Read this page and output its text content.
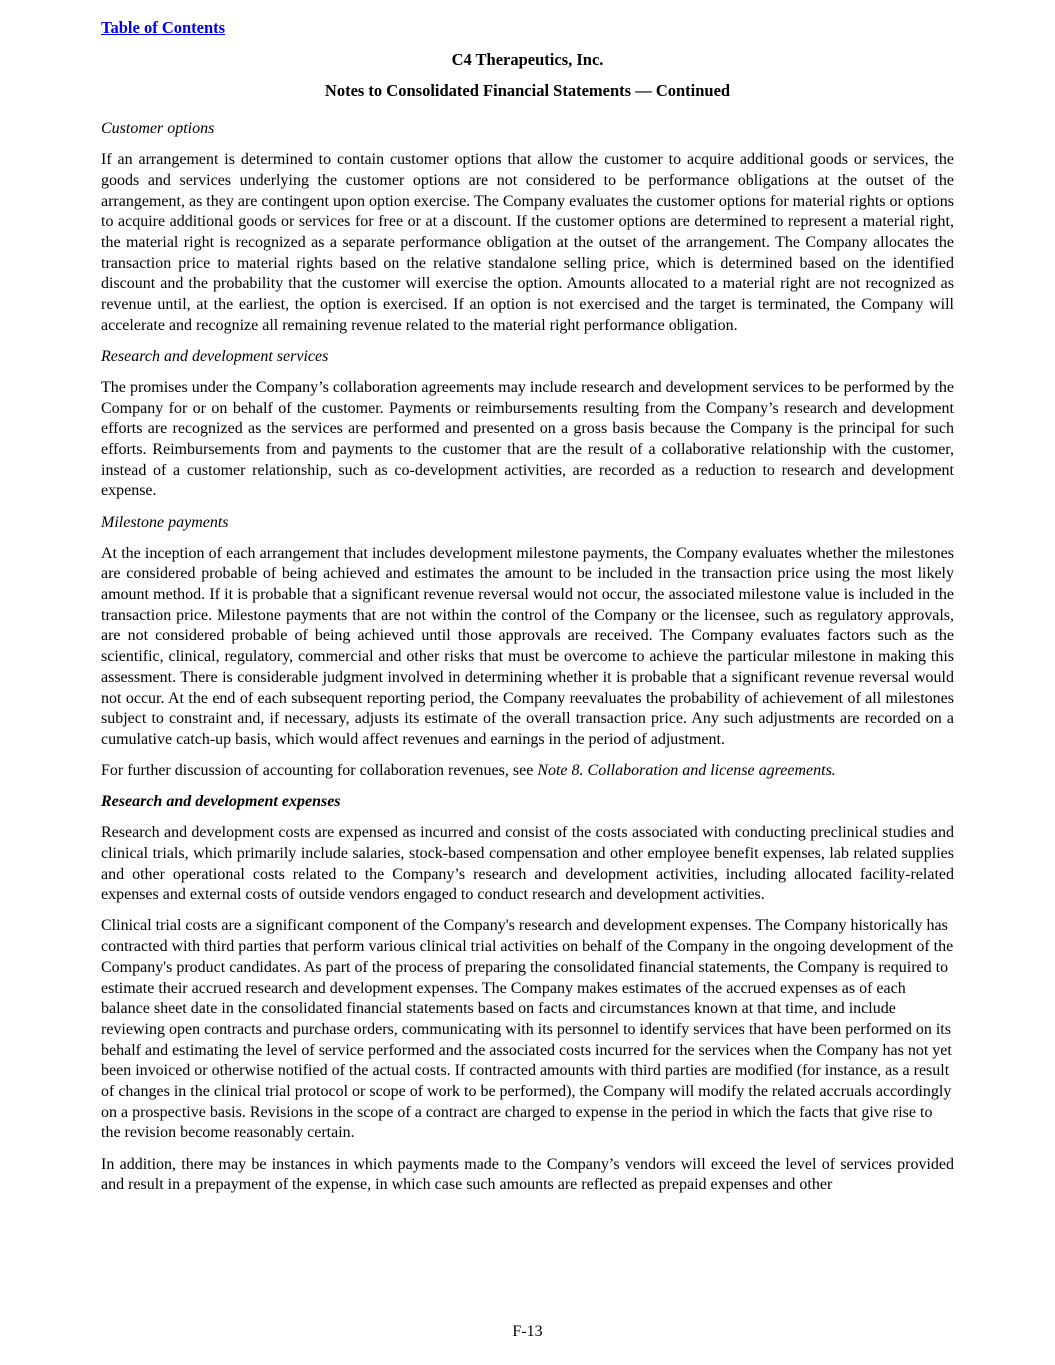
Table of Contents
C4 Therapeutics, Inc.
Notes to Consolidated Financial Statements — Continued

Customer options

If an arrangement is determined to contain customer options that allow the customer to acquire additional goods or services, the goods and services underlying the customer options are not considered to be performance obligations at the outset of the arrangement, as they are contingent upon option exercise. The Company evaluates the customer options for material rights or options to acquire additional goods or services for free or at a discount. If the customer options are determined to represent a material right, the material right is recognized as a separate performance obligation at the outset of the arrangement. The Company allocates the transaction price to material rights based on the relative standalone selling price, which is determined based on the identified discount and the probability that the customer will exercise the option. Amounts allocated to a material right are not recognized as revenue until, at the earliest, the option is exercised. If an option is not exercised and the target is terminated, the Company will accelerate and recognize all remaining revenue related to the material right performance obligation.

Research and development services

The promises under the Company’s collaboration agreements may include research and development services to be performed by the Company for or on behalf of the customer. Payments or reimbursements resulting from the Company’s research and development efforts are recognized as the services are performed and presented on a gross basis because the Company is the principal for such efforts. Reimbursements from and payments to the customer that are the result of a collaborative relationship with the customer, instead of a customer relationship, such as co-development activities, are recorded as a reduction to research and development expense.

Milestone payments

At the inception of each arrangement that includes development milestone payments, the Company evaluates whether the milestones are considered probable of being achieved and estimates the amount to be included in the transaction price using the most likely amount method. If it is probable that a significant revenue reversal would not occur, the associated milestone value is included in the transaction price. Milestone payments that are not within the control of the Company or the licensee, such as regulatory approvals, are not considered probable of being achieved until those approvals are received. The Company evaluates factors such as the scientific, clinical, regulatory, commercial and other risks that must be overcome to achieve the particular milestone in making this assessment. There is considerable judgment involved in determining whether it is probable that a significant revenue reversal would not occur. At the end of each subsequent reporting period, the Company reevaluates the probability of achievement of all milestones subject to constraint and, if necessary, adjusts its estimate of the overall transaction price. Any such adjustments are recorded on a cumulative catch-up basis, which would affect revenues and earnings in the period of adjustment.

For further discussion of accounting for collaboration revenues, see Note 8. Collaboration and license agreements.

Research and development expenses

Research and development costs are expensed as incurred and consist of the costs associated with conducting preclinical studies and clinical trials, which primarily include salaries, stock-based compensation and other employee benefit expenses, lab related supplies and other operational costs related to the Company’s research and development activities, including allocated facility-related expenses and external costs of outside vendors engaged to conduct research and development activities.

Clinical trial costs are a significant component of the Company's research and development expenses. The Company historically has contracted with third parties that perform various clinical trial activities on behalf of the Company in the ongoing development of the Company's product candidates. As part of the process of preparing the consolidated financial statements, the Company is required to estimate their accrued research and development expenses. The Company makes estimates of the accrued expenses as of each balance sheet date in the consolidated financial statements based on facts and circumstances known at that time, and include reviewing open contracts and purchase orders, communicating with its personnel to identify services that have been performed on its behalf and estimating the level of service performed and the associated costs incurred for the services when the Company has not yet been invoiced or otherwise notified of the actual costs. If contracted amounts with third parties are modified (for instance, as a result of changes in the clinical trial protocol or scope of work to be performed), the Company will modify the related accruals accordingly on a prospective basis. Revisions in the scope of a contract are charged to expense in the period in which the facts that give rise to the revision become reasonably certain.

In addition, there may be instances in which payments made to the Company’s vendors will exceed the level of services provided and result in a prepayment of the expense, in which case such amounts are reflected as prepaid expenses and other

F-13
